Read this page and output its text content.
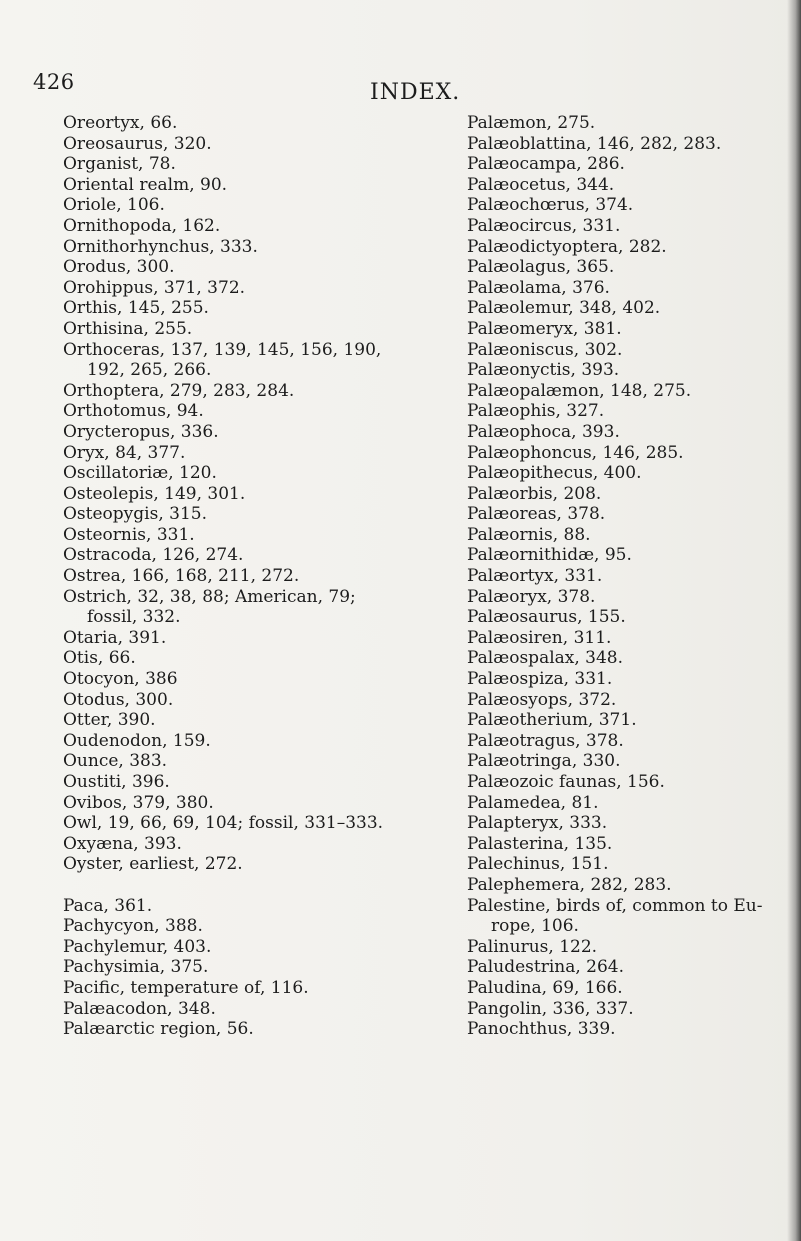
426	INDEX.
Oreortyx, 66.
Oreosaurus, 320.
Organist, 78.
Oriental realm, 90.
Oriole, 106.
Ornithopoda, 162.
Ornithorhynchus, 333.
Orodus, 300.
Orohippus, 371, 372.
Orthis, 145, 255.
Orthisina, 255.
Orthoceras, 137, 139, 145, 156, 190,
192, 265, 266.
Orthoptera, 279, 283, 284.
Orthotomus, 94.
Orycteropus, 336.
Oryx, 84, 377.
Oscillatoriæ, 120.
Osteolepis, 149, 301.
Osteopygis, 315.
Osteornis, 331.
Ostracoda, 126, 274.
Ostrea, 166, 168, 211, 272.
Ostrich, 32, 38, 88; American, 79;
fossil, 332.
Otaria, 391.
Otis, 66.
Otocyon, 386
Otodus, 300.
Otter, 390.
Oudenodon, 159.
Ounce, 383.
Oustiti, 396.
Ovibos, 379, 380.
Owl, 19, 66, 69, 104; fossil, 331–333.
Oxyæna, 393.
Oyster, earliest, 272.
Paca, 361.
Pachycyon, 388.
Pachylemur, 403.
Pachysimia, 375.
Pacific, temperature of, 116.
Palæacodon, 348.
Palæarctic region, 56.
Palæmon, 275.
Palæoblattina, 146, 282, 283.
Palæocampa, 286.
Palæocetus, 344.
Palæochœrus, 374.
Palæocircus, 331.
Palæodictyoptera, 282.
Palæolagus, 365.
Palæolama, 376.
Palæolemur, 348, 402.
Palæomeryx, 381.
Palæoniscus, 302.
Palæonyctis, 393.
Palæopalæmon, 148, 275.
Palæophis, 327.
Palæophoca, 393.
Palæophoncus, 146, 285.
Palæopithecus, 400.
Palæorbis, 208.
Palæoreas, 378.
Palæornis, 88.
Palæornithidæ, 95.
Palæortyx, 331.
Palæoryx, 378.
Palæosaurus, 155.
Palæosiren, 311.
Palæospalax, 348.
Palæospiza, 331.
Palæosyops, 372.
Palæotherium, 371.
Palæotragus, 378.
Palæotringa, 330.
Palæozoic faunas, 156.
Palamedea, 81.
Palapteryx, 333.
Palasterina, 135.
Palechinus, 151.
Palephemera, 282, 283.
Palestine, birds of, common to Eu-
rope, 106.
Palinurus, 122.
Paludestrina, 264.
Paludina, 69, 166.
Pangolin, 336, 337.
Panochthus, 339.
